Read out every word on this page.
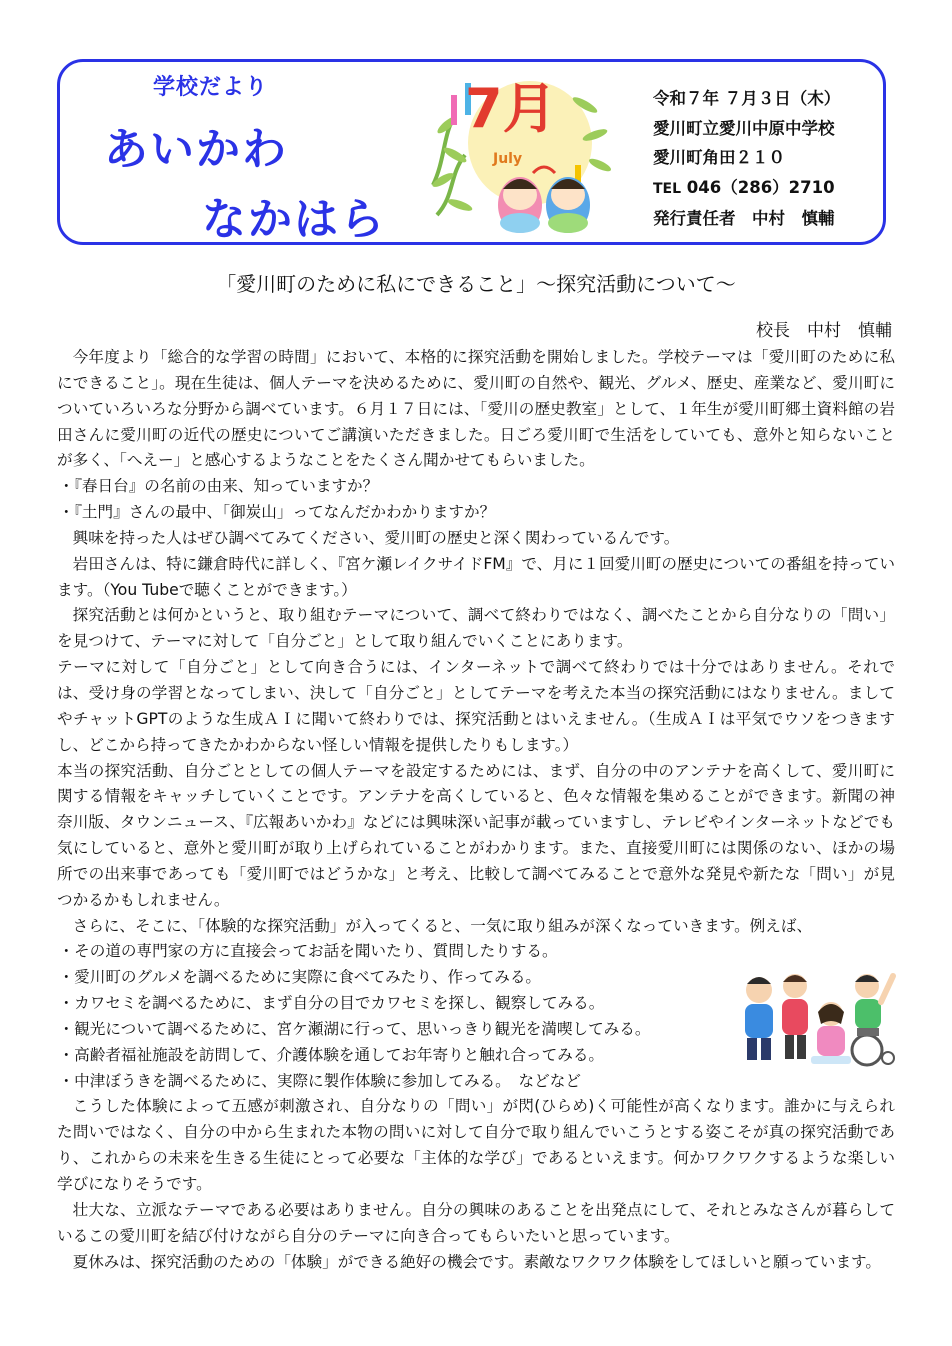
学校だより
あいかわ
なかはら
7月
July
令和７年 ７月３日（木）
愛川町立愛川中原中学校
愛川町角田２１０
TEL 046（286）2710
発行責任者　中村　慎輔
「愛川町のために私にできること」～探究活動について～
校長　中村　慎輔

今年度より「総合的な学習の時間」において、本格的に探究活動を開始しました。学校テーマは「愛川町のために私にできること」。現在生徒は、個人テーマを決めるために、愛川町の自然や、観光、グルメ、歴史、産業など、愛川町についていろいろな分野から調べています。６月１７日には、「愛川の歴史教室」として、１年生が愛川町郷土資料館の岩田さんに愛川町の近代の歴史についてご講演いただきました。日ごろ愛川町で生活をしていても、意外と知らないことが多く、「へえー」と感心するようなことをたくさん聞かせてもらいました。

・『春日台』の名前の由来、知っていますか？

・『土門』さんの最中、「御炭山」ってなんだかわかりますか？

興味を持った人はぜひ調べてみてください、愛川町の歴史と深く関わっているんです。

岩田さんは、特に鎌倉時代に詳しく、『宮ケ瀬レイクサイドFM』で、月に１回愛川町の歴史についての番組を持っています。（You Tubeで聴くことができます。）

探究活動とは何かというと、取り組むテーマについて、調べて終わりではなく、調べたことから自分なりの「問い」を見つけて、テーマに対して「自分ごと」として取り組んでいくことにあります。

テーマに対して「自分ごと」として向き合うには、インターネットで調べて終わりでは十分ではありません。それでは、受け身の学習となってしまい、決して「自分ごと」としてテーマを考えた本当の探究活動にはなりません。ましてやチャットGPTのような生成ＡＩに聞いて終わりでは、探究活動とはいえません。（生成ＡＩは平気でウソをつきますし、どこから持ってきたかわからない怪しい情報を提供したりもします。）

本当の探究活動、自分ごととしての個人テーマを設定するためには、まず、自分の中のアンテナを高くして、愛川町に関する情報をキャッチしていくことです。アンテナを高くしていると、色々な情報を集めることができます。新聞の神奈川版、タウンニュース、『広報あいかわ』などには興味深い記事が載っていますし、テレビやインターネットなどでも気にしていると、意外と愛川町が取り上げられていることがわかります。また、直接愛川町には関係のない、ほかの場所での出来事であっても「愛川町ではどうかな」と考え、比較して調べてみることで意外な発見や新たな「問い」が見つかるかもしれません。

さらに、そこに、「体験的な探究活動」が入ってくると、一気に取り組みが深くなっていきます。例えば、

・その道の専門家の方に直接会ってお話を聞いたり、質問したりする。

・愛川町のグルメを調べるために実際に食べてみたり、作ってみる。

・カワセミを調べるために、まず自分の目でカワセミを探し、観察してみる。

・観光について調べるために、宮ケ瀬湖に行って、思いっきり観光を満喫してみる。

・高齢者福祉施設を訪問して、介護体験を通してお年寄りと触れ合ってみる。

・中津ぼうきを調べるために、実際に製作体験に参加してみる。　などなど

こうした体験によって五感が刺激され、自分なりの「問い」が閃(ひらめ)く可能性が高くなります。誰かに与えられた問いではなく、自分の中から生まれた本物の問いに対して自分で取り組んでいこうとする姿こそが真の探究活動であり、これからの未来を生きる生徒にとって必要な「主体的な学び」であるといえます。何かワクワクするような楽しい学びになりそうです。

壮大な、立派なテーマである必要はありません。自分の興味のあることを出発点にして、それとみなさんが暮らしているこの愛川町を結び付けながら自分のテーマに向き合ってもらいたいと思っています。

夏休みは、探究活動のための「体験」ができる絶好の機会です。素敵なワクワク体験をしてほしいと願っています。
